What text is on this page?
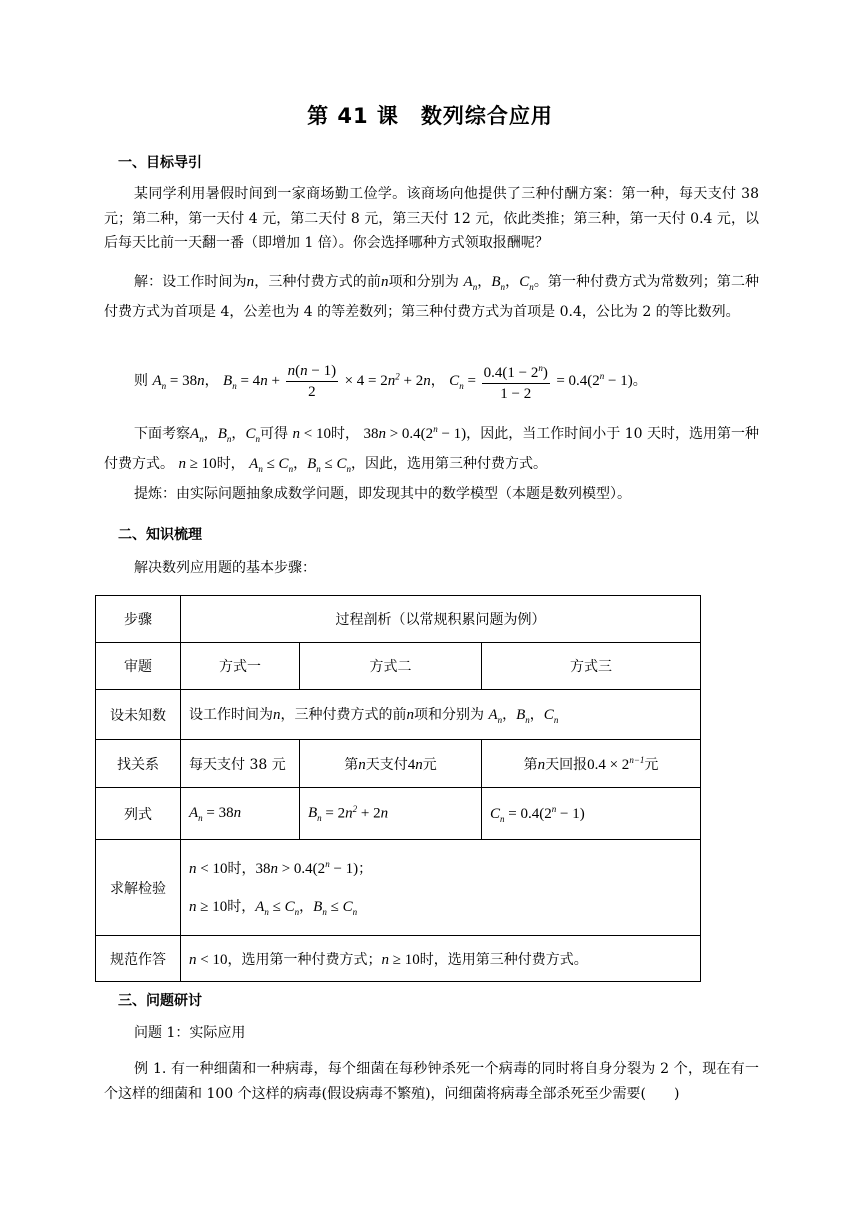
第 41 课　数列综合应用
一、目标导引
某同学利用暑假时间到一家商场勤工俭学。该商场向他提供了三种付酬方案：第一种，每天支付 38 元；第二种，第一天付 4 元，第二天付 8 元，第三天付 12 元，依此类推；第三种，第一天付 0.4 元，以后每天比前一天翻一番（即增加 1 倍）。你会选择哪种方式领取报酬呢？
解：设工作时间为n，三种付费方式的前n项和分别为 $A_n$，$B_n$，$C_n$。第一种付费方式为常数列；第二种付费方式为首项是 4，公差也为 4 的等差数列；第三种付费方式为首项是 0.4，公比为 2 的等比数列。
则 $A_n = 38n$， $B_n = 4n + \frac{n(n - 1)}{2} \times 4 = 2n^2 + 2n$， $C_n = \frac{0.4(1 - 2^n)}{1 - 2} = 0.4(2^n - 1)$。
下面考察$A_n$，$B_n$，$C_n$可得 n < 10时， $38n > 0.4(2^n - 1)$，因此，当工作时间小于 10 天时，选用第一种付费方式。 n ≥ 10时， $A_n \le C_n$，$B_n \le C_n$，因此，选用第三种付费方式。
提炼：由实际问题抽象成数学问题，即发现其中的数学模型（本题是数列模型）。
二、知识梳理
解决数列应用题的基本步骤：
步骤	过程剖析（以常规积累问题为例）		
审题	方式一	方式二	方式三
设未知数	设工作时间为n，三种付费方式的前n项和分别为 $A_n$，$B_n$，$C_n$
找关系	每天支付 38 元	第n天支付4n元	第n天回报$0.4 \times 2^{n-1}$元
列式	$A_n = 38n$	$B_n = 2n^2 + 2n$	$C_n = 0.4(2^n - 1)$
求解检验	n < 10时，$38n > 0.4(2^n - 1)$；
n ≥ 10时，$A_n \le C_n$，$B_n \le C_n$

规范作答	n < 10，选用第一种付费方式；n ≥ 10时，选用第三种付费方式。		
三、问题研讨
问题 1：实际应用
例 1. 有一种细菌和一种病毒，每个细菌在每秒钟杀死一个病毒的同时将自身分裂为 2 个，现在有一个这样的细菌和 100 个这样的病毒(假设病毒不繁殖)，问细菌将病毒全部杀死至少需要(　　)
